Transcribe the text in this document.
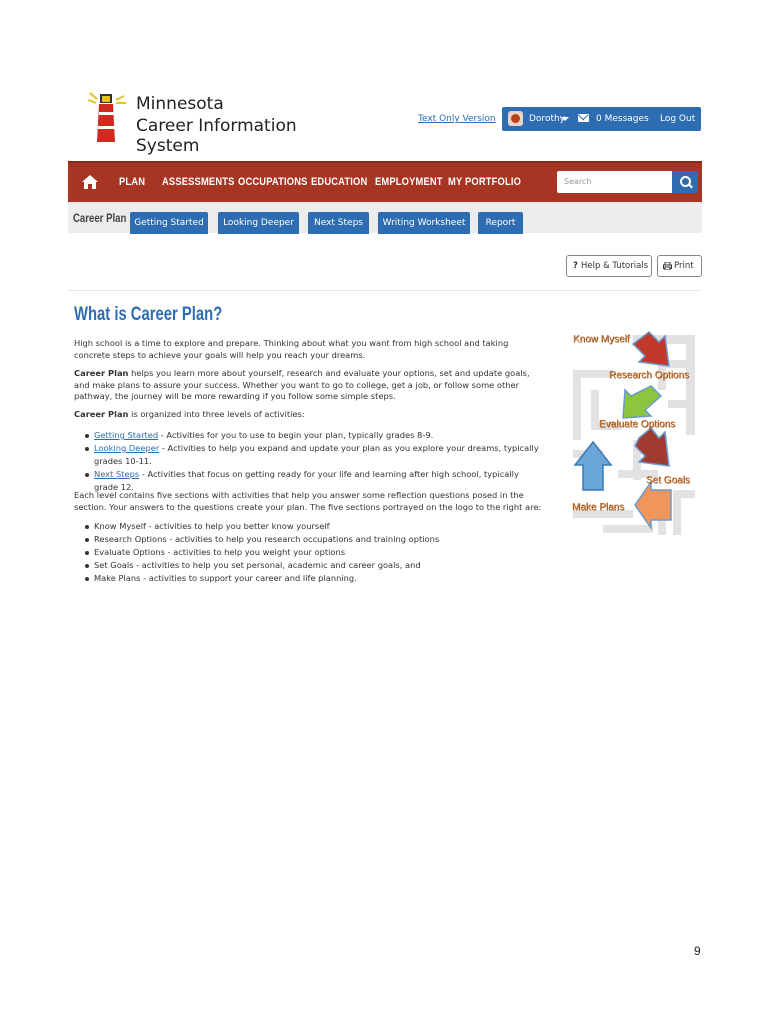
Minnesota
Career Information System
Text Only Version	Dorothy	0 Messages Log Out
PLAN ASSESSMENTS OCCUPATIONS EDUCATION EMPLOYMENT MY PORTFOLIO	Search
Career Plan Getting Started	Looking Deeper	Next Steps	Writing Worksheet	Report
? Help & Tutorials	Print
What is Career Plan?
High school is a time to explore and prepare. Thinking about what you want from high school and taking concrete steps to achieve your goals will help you reach your dreams.
Career Plan helps you learn more about yourself, research and evaluate your options, set and update goals, and make plans to assure your success. Whether you want to go to college, get a job, or follow some other pathway, the journey will be more rewarding if you follow some simple steps.
Career Plan is organized into three levels of activities:
Getting Started - Activities for you to use to begin your plan, typically grades 8-9.
Looking Deeper - Activities to help you expand and update your plan as you explore your dreams, typically grades 10-11.
Next Steps - Activities that focus on getting ready for your life and learning after high school, typically grade 12.
Each level contains five sections with activities that help you answer some reflection questions posed in the section. Your answers to the questions create your plan. The five sections portrayed on the logo to the right are:
Know Myself - activities to help you better know yourself
Research Options - activities to help you research occupations and training options
Evaluate Options - activities to help you weight your options
Set Goals - activities to help you set personal, academic and career goals, and
Make Plans - activities to support your career and life planning.
Know Myself
Research Options
Evaluate Options
Set Goals
Make Plans
9
